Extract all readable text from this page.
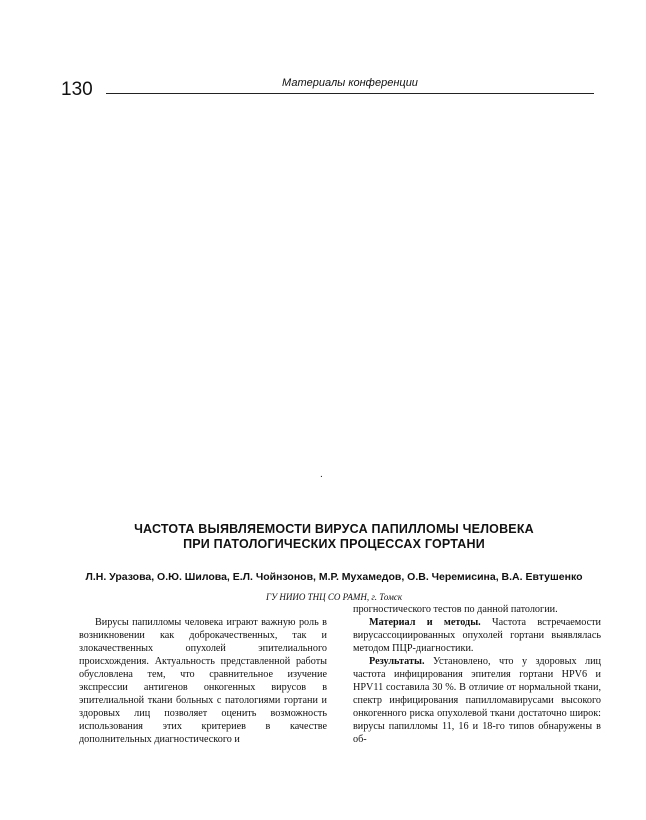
130	Материалы конференции
.
ЧАСТОТА ВЫЯВЛЯЕМОСТИ ВИРУСА ПАПИЛЛОМЫ ЧЕЛОВЕКА
ПРИ ПАТОЛОГИЧЕСКИХ ПРОЦЕССАХ ГОРТАНИ
Л.Н. Уразова, О.Ю. Шилова, Е.Л. Чойнзонов, М.Р. Мухамедов, О.В. Черемисина, В.А. Евтушенко
ГУ НИИО ТНЦ СО РАМН, г. Томск

Вирусы папилломы человека играют важную роль в возникновении как доброкачественных, так и злокачественных опухолей эпителиального происхождения. Актуальность представленной работы обусловлена тем, что сравнительное изучение экспрессии антигенов онкогенных вирусов в эпителиальной ткани больных с патологиями гортани и здоровых лиц позволяет оценить возможность использования этих критериев в качестве дополнительных диагностического и

прогностического тестов по данной патологии.

Материал и методы. Частота встречаемости вирусассоциированных опухолей гортани выявлялась методом ПЦР-диагностики.

Результаты. Установлено, что у здоровых лиц частота инфицирования эпителия гортани HPV6 и HPV11 составила 30 %. В отличие от нормальной ткани, спектр инфицирования папилломавирусами высокого онкогенного риска опухолевой ткани достаточно широк: вирусы папилломы 11, 16 и 18-го типов обнаружены в об-
